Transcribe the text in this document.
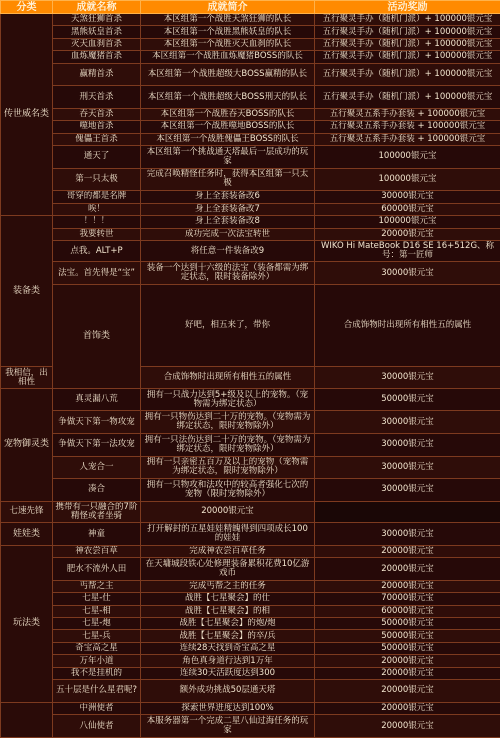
分类	成就名称	成就简介	活动奖励	
传世威名类	天煞狂狮首杀	本区组第一个战胜天煞狂狮的队长	五行聚灵手办（随机门派）+ 100000银元宝	
	黑熊妖皇首杀	本区组第一个战胜黑熊妖皇的队长	五行聚灵手办（随机门派）+ 100000银元宝	
	灭天血刹首杀	本区组第一个战胜灭天血刹的队长	五行聚灵手办（随机门派）+ 100000银元宝	
	血炼魔猪首杀	本区组第一个战胜血炼魔猪BOSS的队长	五行聚灵手办（随机门派）+ 100000银元宝	
	赢精首杀	本区组第一个战胜超级大BOSS赢精的队长	五行聚灵手办（随机门派）+ 100000银元宝	
	刑天首杀	本区组第一个战胜超级大BOSS刑天的队长	五行聚灵手办（随机门派）+ 100000银元宝	
	吞天首杀	本区组第一个战胜吞天BOSS的队长	五行聚灵五系手办套装 + 100000银元宝	
	噬地首杀	本区组第一个战胜噬地BOSS的队长	五行聚灵五系手办套装 + 100000银元宝	
	傀儡王首杀	本区组第一个战胜傀儡王BOSS的队长	五行聚灵五系手办套装 + 100000银元宝	
	通天了	本区组第一个挑战通天塔最后一层成功的玩家	100000银元宝	
	第一只太极	完成召唤精怪任务时，获得本区组第一只太极	100000银元宝	
	哥穿的都是名牌	身上全套装备改6	30000银元宝	
	唉！	身上全套装备改7	60000银元宝	
装备类	！！！	身上全套装备改8	100000银元宝	
	我要转世	成功完成一次法宝转世	20000银元宝	
	点我。ALT+P	将任意一件装备改9	WIKO Hi MateBook D16 SE 16+512G、称号：第一匠师	
	法宝。首先得是“宝”	装备一个达到十六级的法宝（装备都需为绑定状态，限时装备除外）	30000银元宝	
	首饰类	好吧，相五来了，带你	合成饰物时出现所有相性五的属性	
我相信，出相性		合成饰物时出现所有相性五的属性	30000银元宝	
宠物御灵类	真灵漏八荒	拥有一只战力达到5+级及以上的宠物。（宠物需为绑定状态）	50000银元宝	
	争做天下第一物攻宠	拥有一只物伤达到二十万的宠物。（宠物需为绑定状态，限时宠物除外）	30000银元宝	
	争做天下第一法攻宠	拥有一只法伤达到二十万的宠物。（宠物需为绑定状态，限时宠物除外）	30000银元宝	
	人宠合一	拥有一只亲密五百万及以上的宠物（宠物需为绑定状态，限时宠物除外）	30000银元宝	
	凑合	拥有一只物攻和法攻中的较高者强化七次的宠物（限时宠物除外）	30000银元宝	
七速先锋	携带有一只融合的7阶精怪或者坐骑	20000银元宝		
娃娃类	神童	打开解封的五星娃娃精魄得到四项成长100的娃娃	30000银元宝	
玩法类	神农尝百草	完成神农尝百草任务	20000银元宝	
	肥水不流外人田	在天墉城段铁心处修理装备累积花费10亿游戏币	20000银元宝	
	丐帮之主	完成丐帮之主的任务	20000银元宝	
	七星-仕	战胜【七星聚会】的仕	70000银元宝	
	七星-相	战胜【七星聚会】的相	60000银元宝	
	七星-炮	战胜【七星聚会】的炮/炮	50000银元宝	
	七星-兵	战胜【七星聚会】的卒/兵	50000银元宝	
	奇宝高之星	连续28天找到奇宝高之星	50000银元宝	
	万年小道	角色真身道行达到1万年	20000银元宝	
	我不是挂机的	连续30天活跃度达到300	20000银元宝	
	五十层是什么星君呢?	额外成功挑战50层通天塔	20000银元宝	
	中洲使者	探索世界进度达到100%	20000银元宝	
	八仙使者	本服务器第一个完成二星八仙过海任务的玩家	20000银元宝	
